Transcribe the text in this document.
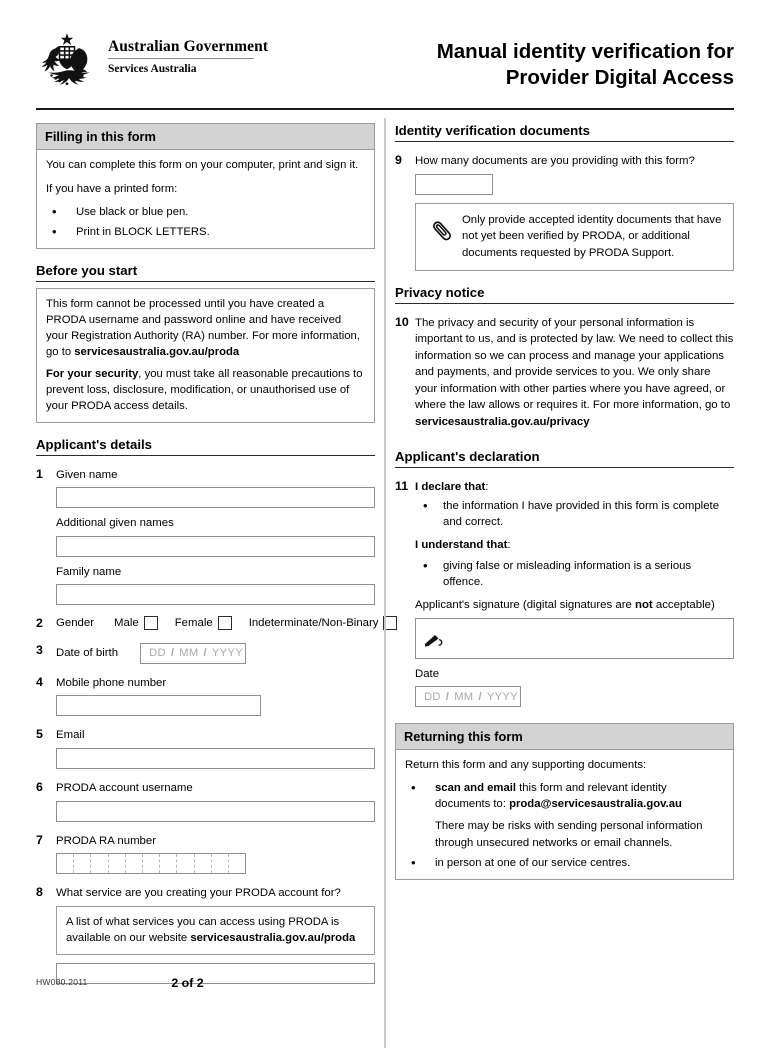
Australian Government
Services Australia
Manual identity verification for Provider Digital Access
Filling in this form

You can complete this form on your computer, print and sign it.

If you have a printed form:

• Use black or blue pen.
• Print in BLOCK LETTERS.
Before you start

This form cannot be processed until you have created a PRODA username and password online and have received your Registration Authority (RA) number. For more information, go to servicesaustralia.gov.au/proda

For your security, you must take all reasonable precautions to prevent loss, disclosure, modification, or unauthorised use of your PRODA access details.

Applicant's details
1	Given name
Additional given names
Family name
2	Gender Male	Female	Indeterminate/Non-Binary
3	Date of birth	DD / MM / YYYY
4	Mobile phone number
5	Email
6	PRODA account username
7	PRODA RA number
8	What service are you creating your PRODA account for?

A list of what services you can access using PRODA is available on our website servicesaustralia.gov.au/proda

Identity verification documents
9	How many documents are you providing with this form?
Only provide accepted identity documents that have not yet been verified by PRODA, or additional documents requested by PRODA Support.
Privacy notice
10 The privacy and security of your personal information is important to us, and is protected by law. We need to collect this information so we can process and manage your applications and payments, and provide services to you. We only share your information with other parties where you have agreed, or where the law allows or requires it. For more information, go to servicesaustralia.gov.au/privacy
Applicant's declaration
11 I declare that:
• the information I have provided in this form is complete and correct.
I understand that:
• giving false or misleading information is a serious offence.
Applicant's signature (digital signatures are not acceptable)
Date
DD / MM / YYYY
Returning this form

Return this form and any supporting documents:

• scan and email this form and relevant identity documents to: proda@servicesaustralia.gov.au
There may be risks with sending personal information through unsecured networks or email channels.
• in person at one of our service centres.
HW080.2011	2 of 2
